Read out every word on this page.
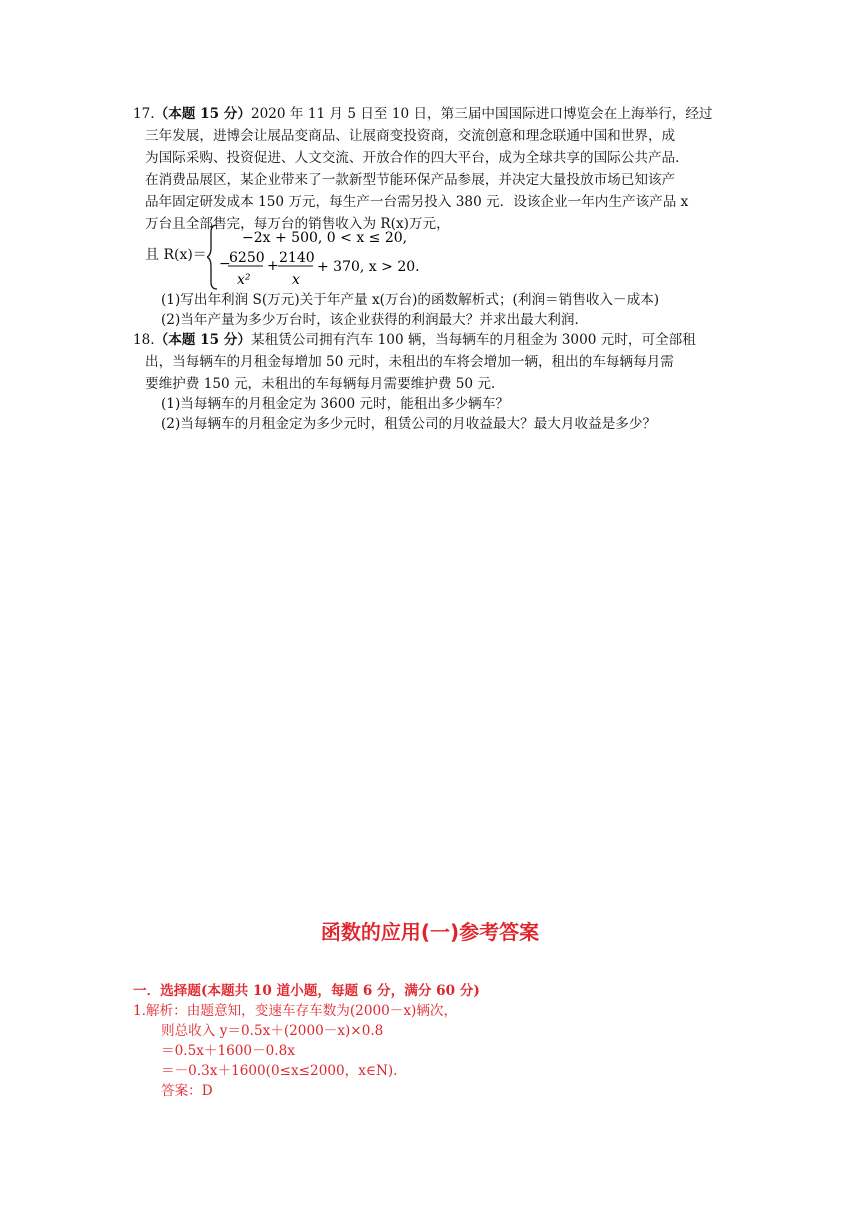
17.（本题 15 分）2020 年 11 月 5 日至 10 日，第三届中国国际进口博览会在上海举行，经过
三年发展，进博会让展品变商品、让展商变投资商，交流创意和理念联通中国和世界，成
为国际采购、投资促进、人文交流、开放合作的四大平台，成为全球共享的国际公共产品．
在消费品展区，某企业带来了一款新型节能环保产品参展，并决定大量投放市场已知该产
品年固定研发成本 150 万元，每生产一台需另投入 380 元．设该企业一年内生产该产品 x
万台且全部售完，每万台的销售收入为 R(x)万元，
且 R(x)＝
−2x + 500, 0 < x ≤ 20,
−
6250
x²
+ 2140
x
+ 370, x > 20.
(1)写出年利润 S(万元)关于年产量 x(万台)的函数解析式；(利润＝销售收入－成本)
(2)当年产量为多少万台时，该企业获得的利润最大？并求出最大利润.
18.（本题 15 分）某租赁公司拥有汽车 100 辆，当每辆车的月租金为 3000 元时，可全部租
出，当每辆车的月租金每增加 50 元时，未租出的车将会增加一辆，租出的车每辆每月需
要维护费 150 元，未租出的车每辆每月需要维护费 50 元.
(1)当每辆车的月租金定为 3600 元时，能租出多少辆车？
(2)当每辆车的月租金定为多少元时，租赁公司的月收益最大？最大月收益是多少？
函数的应用(一)参考答案
一．选择题(本题共 10 道小题，每题 6 分，满分 60 分)
1.解析：由题意知，变速车存车数为(2000－x)辆次，
则总收入 y＝0.5x＋(2000－x)×0.8
＝0.5x＋1600－0.8x
＝－0.3x＋1600(0≤x≤2000，x∈N).
答案：D
